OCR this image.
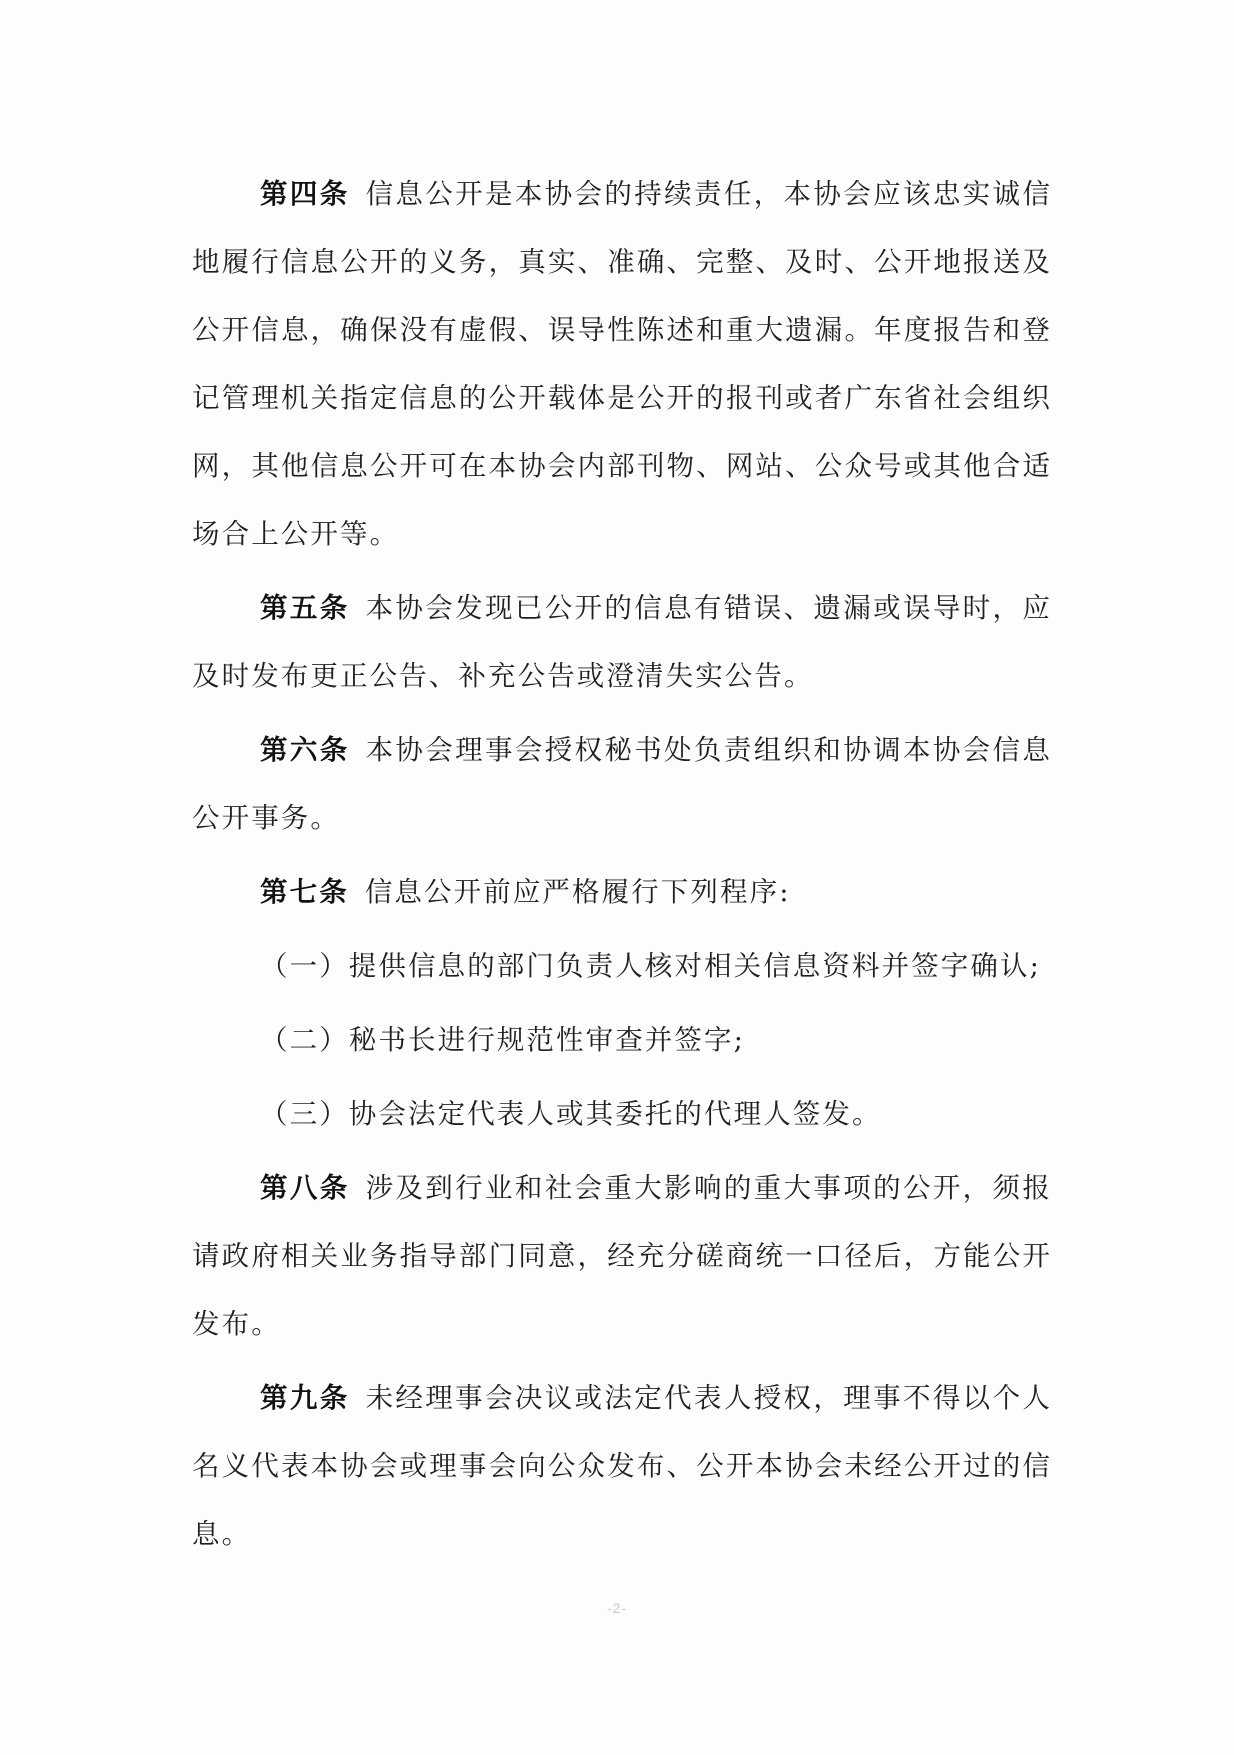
第四条 信息公开是本协会的持续责任，本协会应该忠实诚信地履行信息公开的义务，真实、准确、完整、及时、公开地报送及公开信息，确保没有虚假、误导性陈述和重大遗漏。年度报告和登记管理机关指定信息的公开载体是公开的报刊或者广东省社会组织网，其他信息公开可在本协会内部刊物、网站、公众号或其他合适场合上公开等。

第五条 本协会发现已公开的信息有错误、遗漏或误导时，应及时发布更正公告、补充公告或澄清失实公告。

第六条 本协会理事会授权秘书处负责组织和协调本协会信息公开事务。

第七条 信息公开前应严格履行下列程序:

（一）提供信息的部门负责人核对相关信息资料并签字确认;

（二）秘书长进行规范性审查并签字;

（三）协会法定代表人或其委托的代理人签发。

第八条 涉及到行业和社会重大影响的重大事项的公开，须报请政府相关业务指导部门同意，经充分磋商统一口径后，方能公开发布。

第九条 未经理事会决议或法定代表人授权，理事不得以个人名义代表本协会或理事会向公众发布、公开本协会未经公开过的信息。

-2-
